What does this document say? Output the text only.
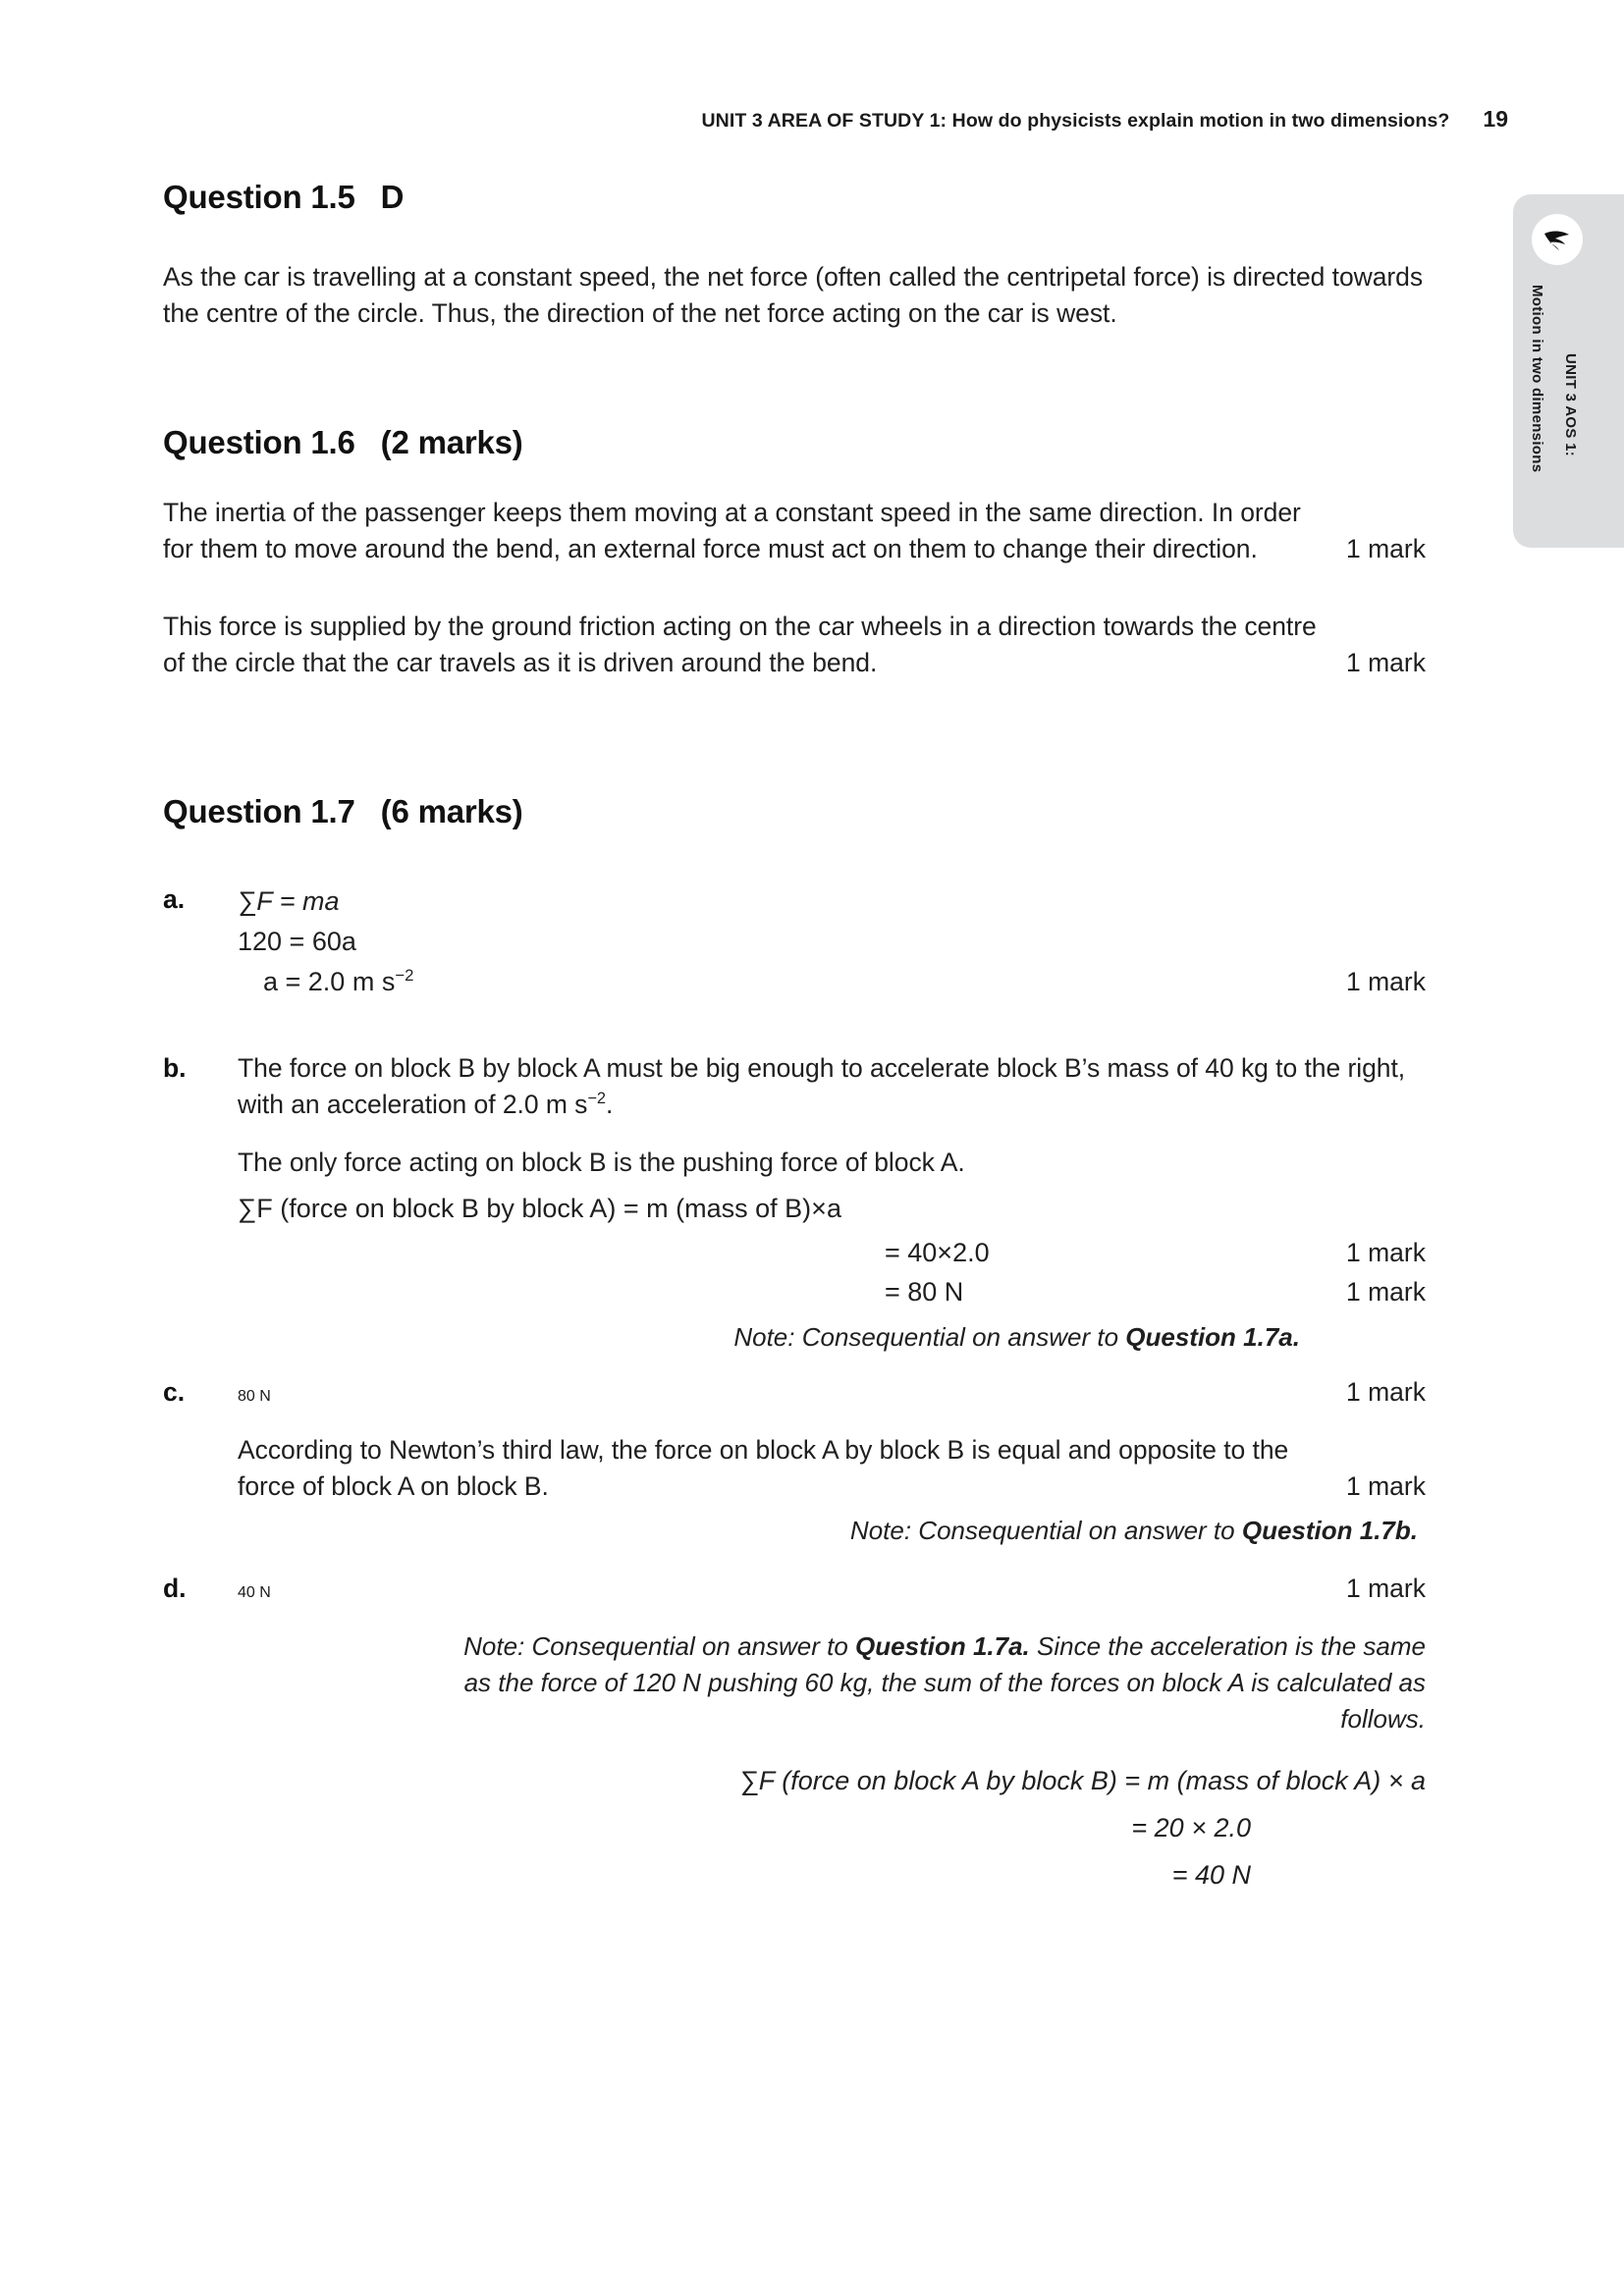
UNIT 3 AREA OF STUDY 1: How do physicists explain motion in two dimensions? 19
Motion in two dimensions UNIT 3 AOS 1:
Question 1.5 D

As the car is travelling at a constant speed, the net force (often called the centripetal force) is directed towards the centre of the circle. Thus, the direction of the net force acting on the car is west.

Question 1.6 (2 marks)

The inertia of the passenger keeps them moving at a constant speed in the same direction. In order for them to move around the bend, an external force must act on them to change their direction.	1 mark

This force is supplied by the ground friction acting on the car wheels in a direction towards the centre of the circle that the car travels as it is driven around the bend.	1 mark
Question 1.7 (6 marks)
a.	∑F = ma
120 = 60a
a = 2.0 m $s^{-2}$	1 mark
b.	The force on block B by block A must be big enough to accelerate block B’s mass of 40 kg to the right, with an acceleration of 2.0 m $s^{-2}$.

The only force acting on block B is the pushing force of block A.

∑F (force on block B by block A) = m (mass of B)×a
= 40×2.0	1 mark
= 80 N	1 mark
Note: Consequential on answer to Question 1.7a.
c.	80 N	1 mark

According to Newton’s third law, the force on block A by block B is equal and opposite to the force of block A on block B.	1 mark
Note: Consequential on answer to Question 1.7b.
d.	40 N	1 mark
Note: Consequential on answer to Question 1.7a. Since the acceleration is the same as the force of 120 N pushing 60 kg, the sum of the forces on block A is calculated as follows.
∑F (force on block A by block B) = m (mass of block A) × a
= 20 × 2.0
= 40 N
